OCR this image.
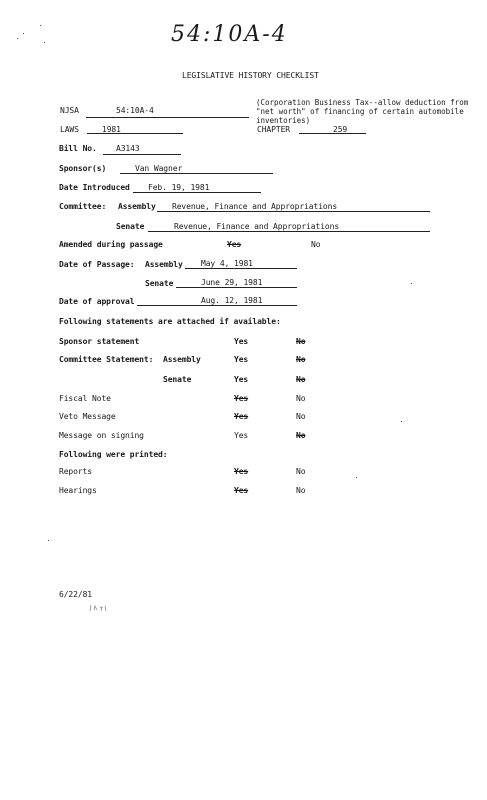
54:10A-4
LEGISLATIVE HISTORY CHECKLIST
NJSA	54:10A-4
(Corporation Business Tax--allow deduction from
"net worth" of financing of certain automobile
inventories)
LAWS	1981	CHAPTER	259
Bill No. A3143
Sponsor(s)	Van Wagner
Date Introduced Feb. 19, 1981
Committee: Assembly Revenue, Finance and Appropriations
Senate	Revenue, Finance and Appropriations
Amended during passage	Yes	No
Date of Passage: Assembly May 4, 1981
Senate	June 29, 1981
Date of approval	Aug. 12, 1981
Following statements are attached if available:
Sponsor statement	Yes	No
Committee Statement: Assembly	Yes	No
Senate	Yes	No
Fiscal Note	Yes	No
Veto Message	Yes	No
Message on signing	Yes	No
Following were printed:
Reports	Yes	No
Hearings	Yes	No
6/22/81
